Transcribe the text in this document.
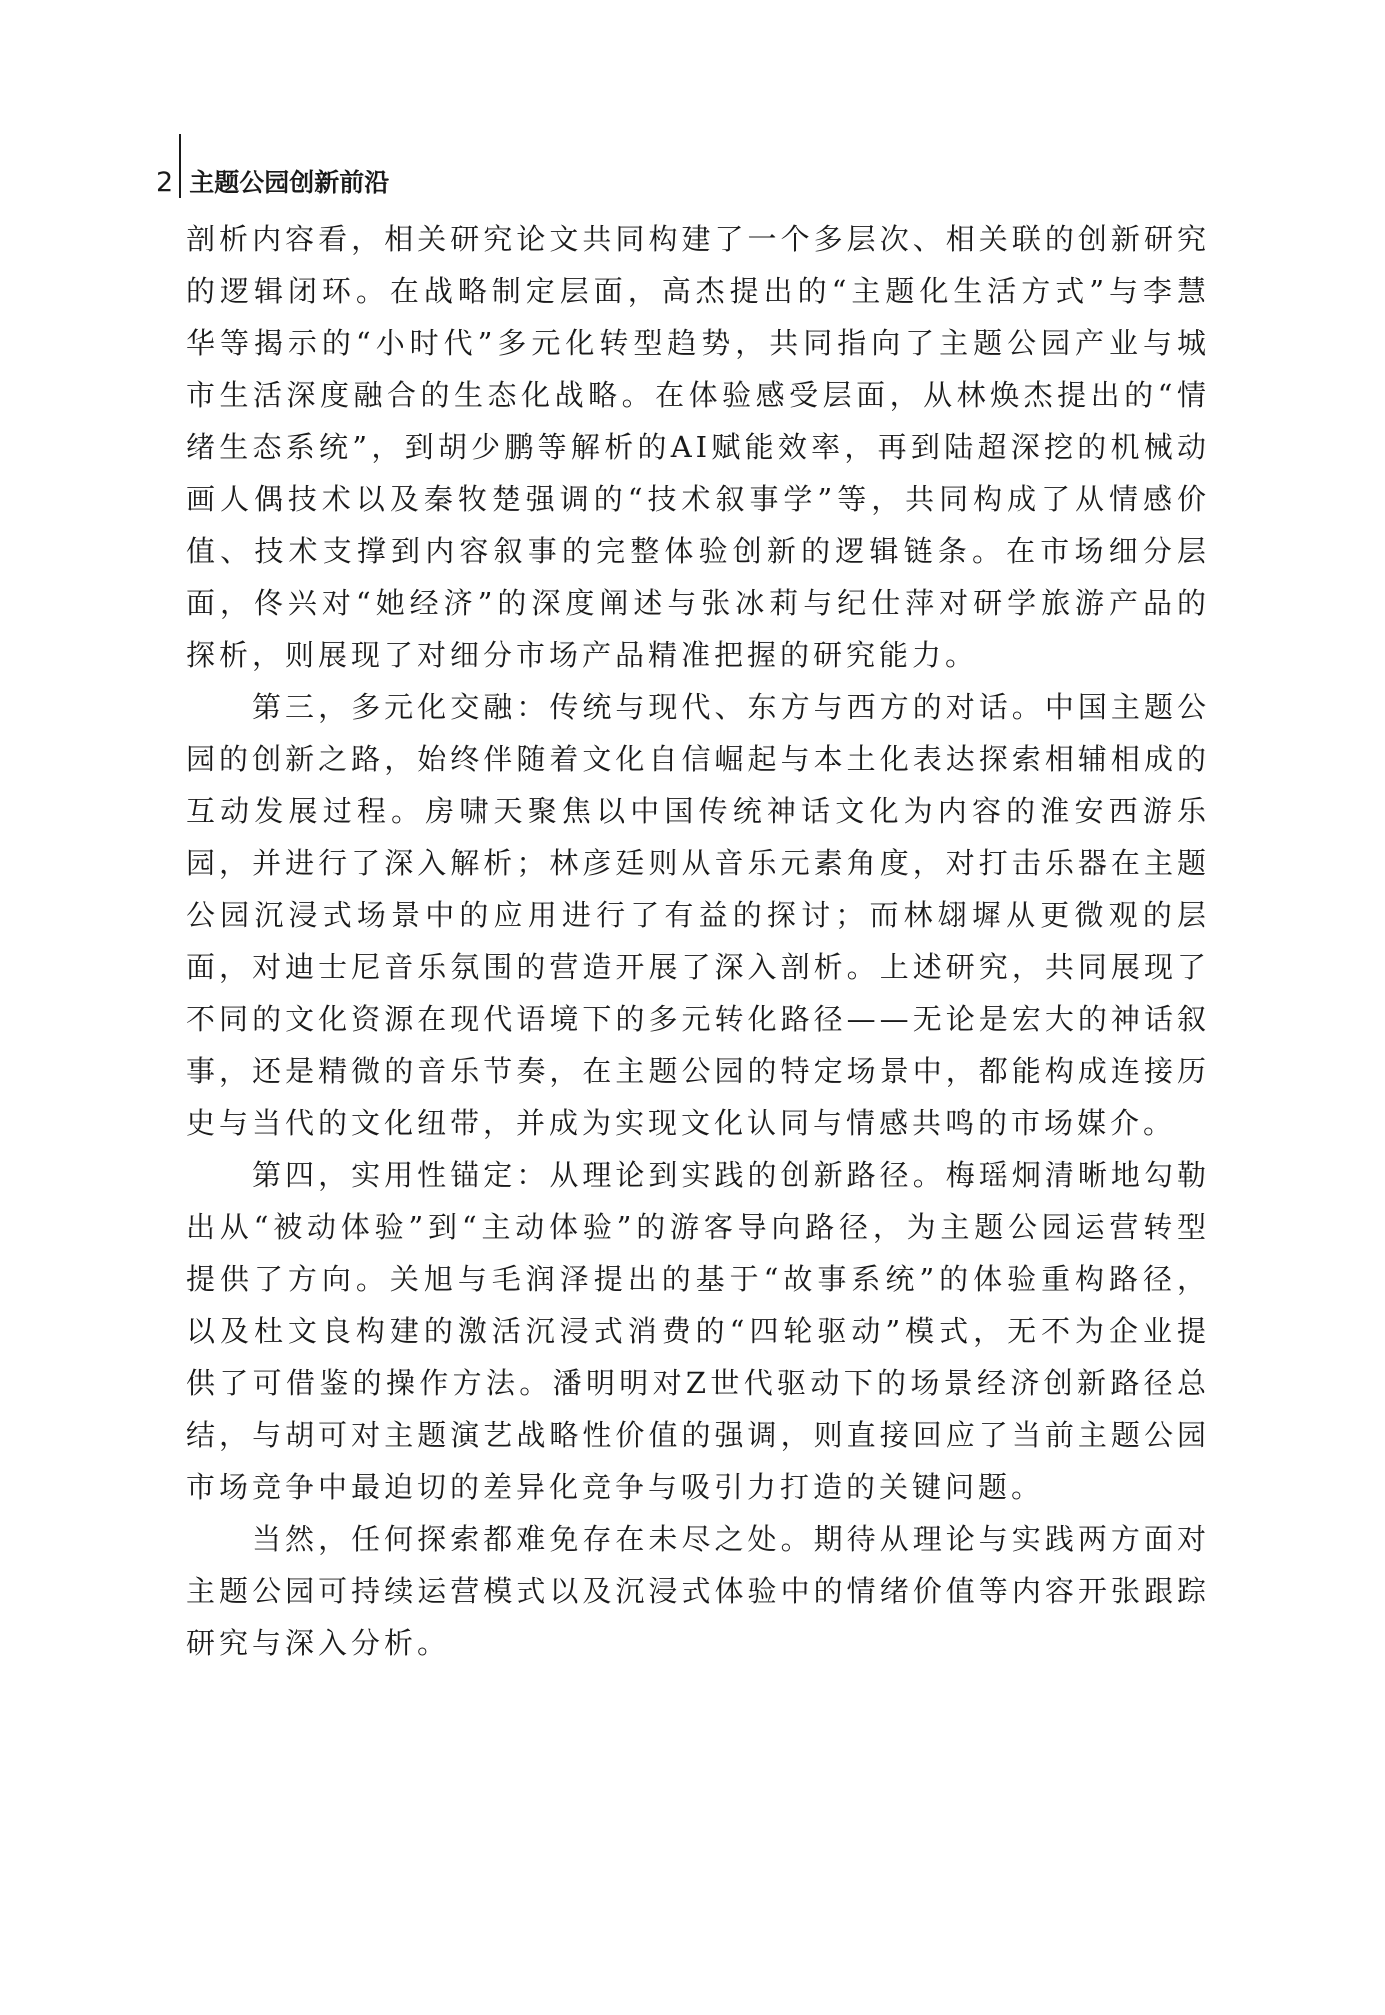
2 主题公园创新前沿

剖析内容看，相关研究论文共同构建了一个多层次、相关联的创新研究的逻辑闭环。在战略制定层面，高杰提出的“主题化生活方式”与李慧华等揭示的“小时代”多元化转型趋势，共同指向了主题公园产业与城市生活深度融合的生态化战略。在体验感受层面，从林焕杰提出的“情绪生态系统”，到胡少鹏等解析的AI赋能效率，再到陆超深挖的机械动画人偶技术以及秦牧楚强调的“技术叙事学”等，共同构成了从情感价值、技术支撑到内容叙事的完整体验创新的逻辑链条。在市场细分层面，佟兴对“她经济”的深度阐述与张冰莉与纪仕萍对研学旅游产品的探析，则展现了对细分市场产品精准把握的研究能力。

第三，多元化交融：传统与现代、东方与西方的对话。中国主题公园的创新之路，始终伴随着文化自信崛起与本土化表达探索相辅相成的互动发展过程。房啸天聚焦以中国传统神话文化为内容的淮安西游乐园，并进行了深入解析；林彦廷则从音乐元素角度，对打击乐器在主题公园沉浸式场景中的应用进行了有益的探讨；而林翃墀从更微观的层面，对迪士尼音乐氛围的营造开展了深入剖析。上述研究，共同展现了不同的文化资源在现代语境下的多元转化路径——无论是宏大的神话叙事，还是精微的音乐节奏，在主题公园的特定场景中，都能构成连接历史与当代的文化纽带，并成为实现文化认同与情感共鸣的市场媒介。

第四，实用性锚定：从理论到实践的创新路径。梅瑶炯清晰地勾勒出从“被动体验”到“主动体验”的游客导向路径，为主题公园运营转型提供了方向。关旭与毛润泽提出的基于“故事系统”的体验重构路径，以及杜文良构建的激活沉浸式消费的“四轮驱动”模式，无不为企业提供了可借鉴的操作方法。潘明明对Z世代驱动下的场景经济创新路径总结，与胡可对主题演艺战略性价值的强调，则直接回应了当前主题公园市场竞争中最迫切的差异化竞争与吸引力打造的关键问题。

当然，任何探索都难免存在未尽之处。期待从理论与实践两方面对主题公园可持续运营模式以及沉浸式体验中的情绪价值等内容开张跟踪研究与深入分析。
